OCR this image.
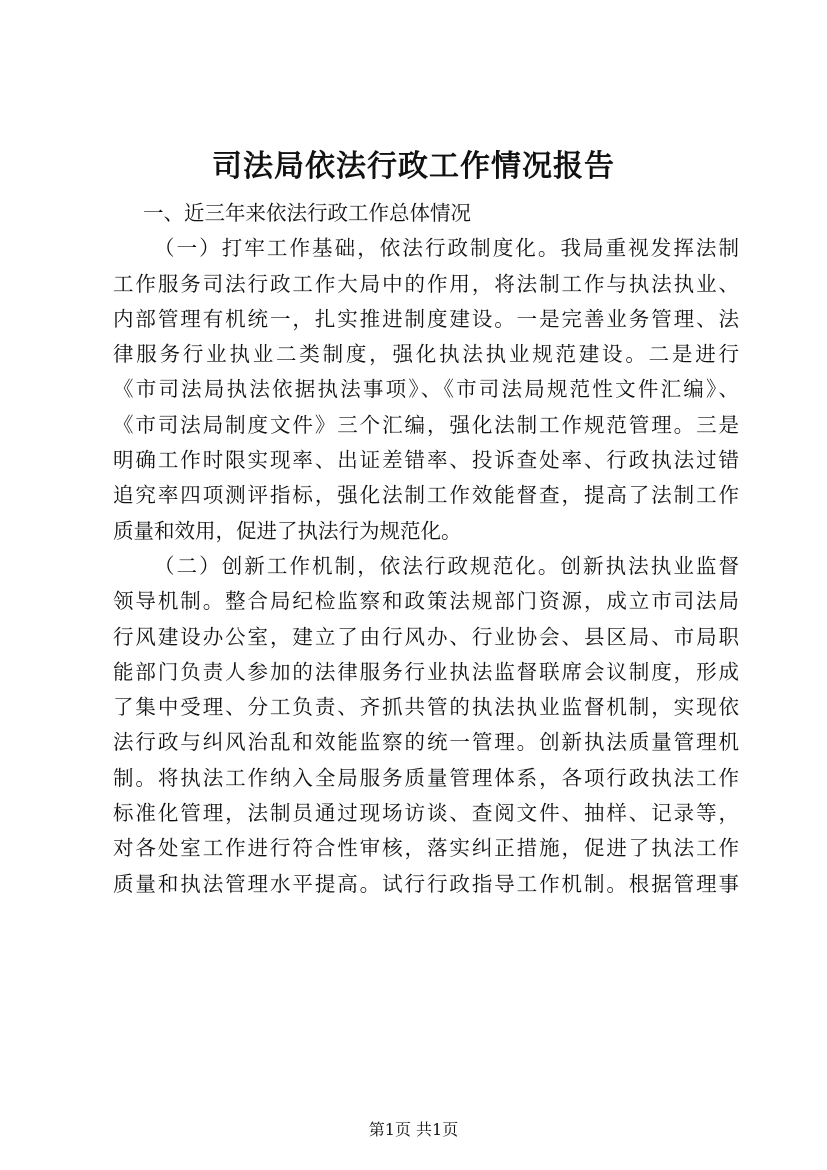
司法局依法行政工作情况报告
一、近三年来依法行政工作总体情况
（一）打牢工作基础，依法行政制度化。我局重视发挥法制
工作服务司法行政工作大局中的作用，将法制工作与执法执业、
内部管理有机统一，扎实推进制度建设。一是完善业务管理、法
律服务行业执业二类制度，强化执法执业规范建设。二是进行
《市司法局执法依据执法事项》、《市司法局规范性文件汇编》、
《市司法局制度文件》三个汇编，强化法制工作规范管理。三是
明确工作时限实现率、出证差错率、投诉查处率、行政执法过错
追究率四项测评指标，强化法制工作效能督查，提高了法制工作
质量和效用，促进了执法行为规范化。
（二）创新工作机制，依法行政规范化。创新执法执业监督
领导机制。整合局纪检监察和政策法规部门资源，成立市司法局
行风建设办公室，建立了由行风办、行业协会、县区局、市局职
能部门负责人参加的法律服务行业执法监督联席会议制度，形成
了集中受理、分工负责、齐抓共管的执法执业监督机制，实现依
法行政与纠风治乱和效能监察的统一管理。创新执法质量管理机
制。将执法工作纳入全局服务质量管理体系，各项行政执法工作
标准化管理，法制员通过现场访谈、查阅文件、抽样、记录等，
对各处室工作进行符合性审核，落实纠正措施，促进了执法工作
质量和执法管理水平提高。试行行政指导工作机制。根据管理事
第1页 共1页
